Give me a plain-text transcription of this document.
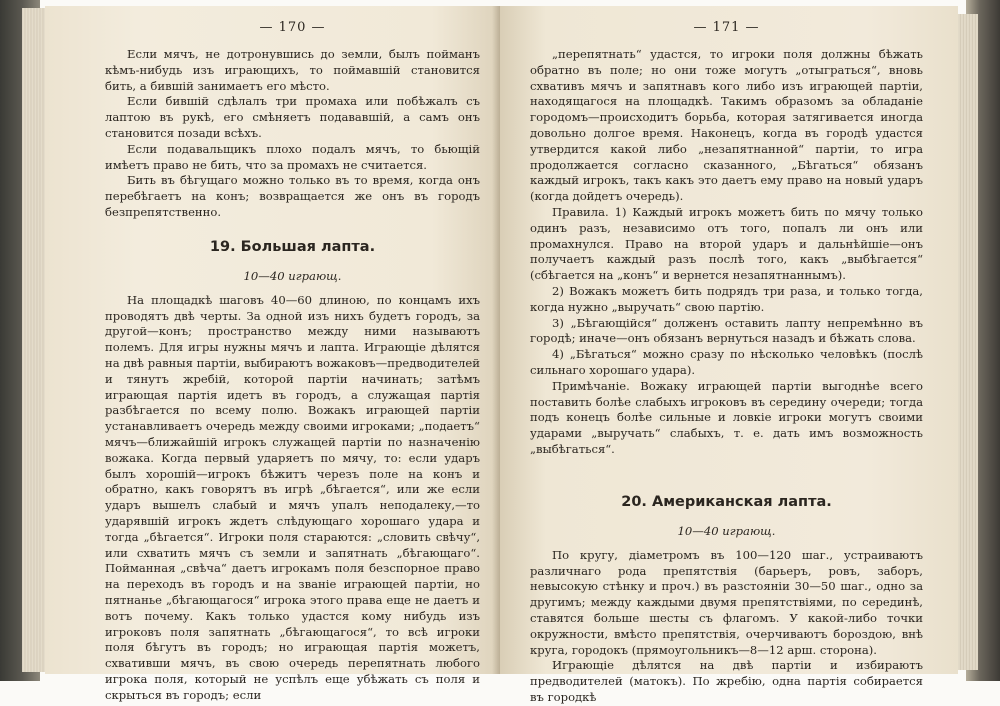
— 170 —

Если мячъ, не дотронувшись до земли, былъ пойманъ кѣмъ-нибудь изъ играющихъ, то поймавшій становится бить, а бившій занимаетъ его мѣсто.

Если бившій сдѣлалъ три промаха или побѣжалъ съ лаптою въ рукѣ, его смѣняетъ подававшій, а самъ онъ становится позади всѣхъ.

Если подавальщикъ плохо подалъ мячъ, то бьющій имѣетъ право не бить, что за промахъ не считается.

Бить въ бѣгущаго можно только въ то время, когда онъ перебѣгаетъ на конъ; возвращается же онъ въ городъ безпрепятственно.

19. Большая лапта.
10—40 играющ.

На площадкѣ шаговъ 40—60 длиною, по концамъ ихъ проводятъ двѣ черты. За одной изъ нихъ будетъ городъ, за другой—конъ; пространство между ними называютъ полемъ. Для игры нужны мячъ и лапта. Играющіе дѣлятся на двѣ равныя партіи, выбираютъ вожаковъ—предводителей и тянутъ жребій, которой партіи начинать; затѣмъ играющая партія идетъ въ городъ, а служащая партія разбѣгается по всему полю. Вожакъ играющей партіи устанавливаетъ очередь между своими игроками; „подаетъ“ мячъ—ближайшій игрокъ служащей партіи по назначенію вожака. Когда первый ударяетъ по мячу, то: если ударъ былъ хорошій—игрокъ бѣжитъ черезъ поле на конъ и обратно, какъ говорятъ въ игрѣ „бѣгается“, или же если ударъ вышелъ слабый и мячъ упалъ неподалеку,—то ударявшій игрокъ ждетъ слѣдующаго хорошаго удара и тогда „бѣгается“. Игроки поля стараются: „словить свѣчу“, или схватить мячъ съ земли и запятнать „бѣгающаго“. Пойманная „свѣча“ даетъ игрокамъ поля безспорное право на переходъ въ городъ и на званіе играющей партіи, но пятнанье „бѣгающагося“ игрока этого права еще не даетъ и вотъ почему. Какъ только удастся кому нибудь изъ игроковъ поля запятнать „бѣгающагося“, то всѣ игроки поля бѣгутъ въ городъ; но играющая партія можетъ, схвативши мячъ, въ свою очередь перепятнать любого игрока поля, который не успѣлъ еще убѣжать съ поля и скрыться въ городъ; если

— 171 —

„перепятнать“ удастся, то игроки поля должны бѣжать обратно въ поле; но они тоже могутъ „отыграться“, вновь схвативъ мячъ и запятнавъ кого либо изъ играющей партіи, находящагося на площадкѣ. Такимъ образомъ за обладаніе городомъ—происходитъ борьба, которая затягивается иногда довольно долгое время. Наконецъ, когда въ городѣ удастся утвердится какой либо „незапятнанной“ партіи, то игра продолжается согласно сказанного, „Бѣгаться“ обязанъ каждый игрокъ, такъ какъ это даетъ ему право на новый ударъ (когда дойдетъ очередь).

Правила. 1) Каждый игрокъ можетъ бить по мячу только одинъ разъ, независимо отъ того, попалъ ли онъ или промахнулся. Право на второй ударъ и дальнѣйшіе—онъ получаетъ каждый разъ послѣ того, какъ „выбѣгается“ (сбѣгается на „конъ“ и вернется незапятнаннымъ).

2) Вожакъ можетъ бить подрядъ три раза, и только тогда, когда нужно „выручать“ свою партію.

3) „Бѣгающійся“ долженъ оставить лапту непремѣнно въ городѣ; иначе—онъ обязанъ вернуться назадъ и бѣжать слова.

4) „Бѣгаться“ можно сразу по нѣсколько человѣкъ (послѣ сильнаго хорошаго удара).

Примѣчаніе. Вожаку играющей партіи выгоднѣе всего поставить болѣе слабыхъ игроковъ въ середину очереди; тогда подъ конецъ болѣе сильные и ловкіе игроки могутъ своими ударами „выручать“ слабыхъ, т. е. дать имъ возможность „выбѣгаться“.

20. Американская лапта.
10—40 играющ.

По кругу, діаметромъ въ 100—120 шаг., устраиваютъ различнаго рода препятствія (барьеръ, ровъ, заборъ, невысокую стѣнку и проч.) въ разстояніи 30—50 шаг., одно за другимъ; между каждыми двумя препятствіями, по серединѣ, ставятся больше шесты съ флагомъ. У какой-либо точки окружности, вмѣсто препятствія, очерчиваютъ бороздою, внѣ круга, городокъ (прямоугольникъ—8—12 арш. сторона).

Играющіе дѣлятся на двѣ партіи и избираютъ предводителей (матокъ). По жребію, одна партія собирается въ городкѣ
